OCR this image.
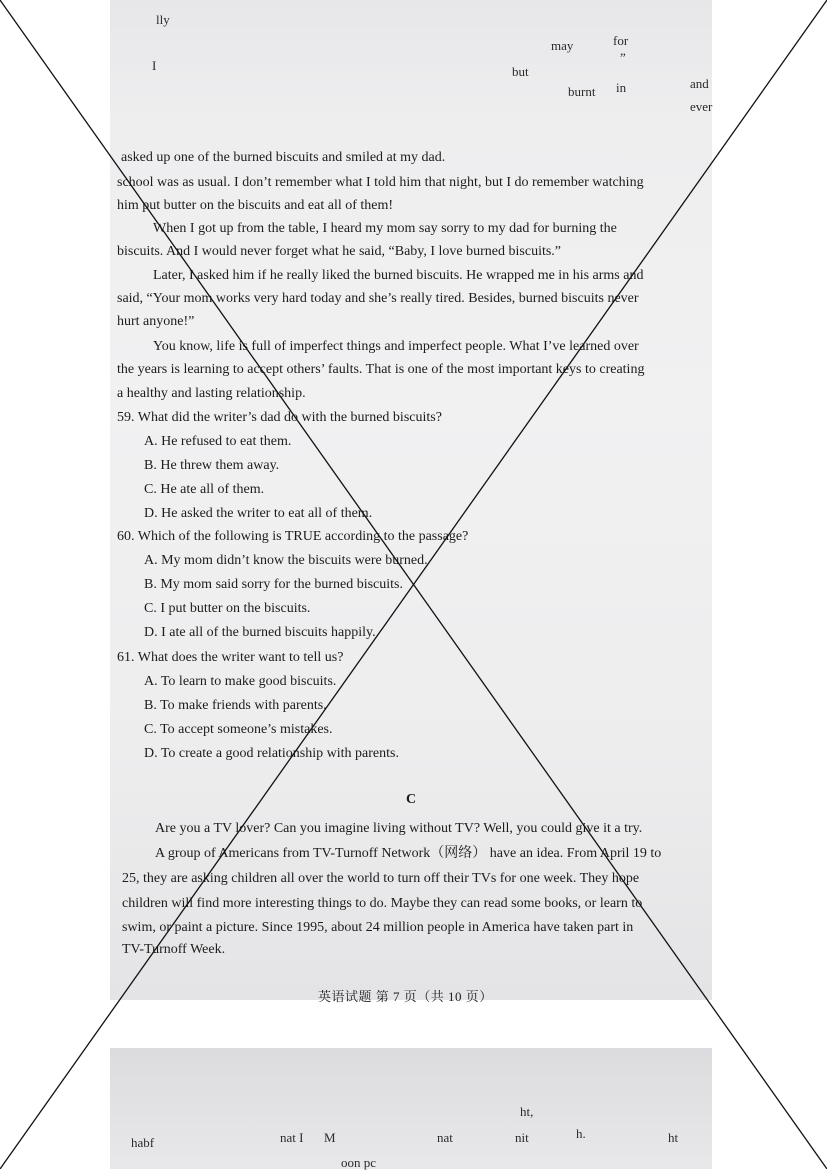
lly
may	for
”
I	but
burnt in	and
ever
asked up one of the burned biscuits and smiled at my dad.
school was as usual. I don’t remember what I told him that night, but I do remember watching
him put butter on the biscuits and eat all of them!
When I got up from the table, I heard my mom say sorry to my dad for burning the
biscuits. And I would never forget what he said, “Baby, I love burned biscuits.”
Later, I asked him if he really liked the burned biscuits. He wrapped me in his arms and
said, “Your mom works very hard today and she’s really tired. Besides, burned biscuits never
hurt anyone!”
You know, life is full of imperfect things and imperfect people. What I’ve learned over
the years is learning to accept others’ faults. That is one of the most important keys to creating
a healthy and lasting relationship.
59. What did the writer’s dad do with the burned biscuits?
A. He refused to eat them.
B. He threw them away.
C. He ate all of them.
D. He asked the writer to eat all of them.
60. Which of the following is TRUE according to the passage?
A. My mom didn’t know the biscuits were burned.
B. My mom said sorry for the burned biscuits.
C. I put butter on the biscuits.
D. I ate all of the burned biscuits happily.
61. What does the writer want to tell us?
A. To learn to make good biscuits.
B. To make friends with parents.
C. To accept someone’s mistakes.
D. To create a good relationship with parents.
C
Are you a TV lover? Can you imagine living without TV? Well, you could give it a try.
A group of Americans from TV-Turnoff Network（网络） have an idea. From April 19 to
25, they are asking children all over the world to turn off their TVs for one week. They hope
children will find more interesting things to do. Maybe they can read some books, or learn to
swim, or paint a picture. Since 1995, about 24 million people in America have taken part in
TV-Turnoff Week.
英语试题 第 7 页（共 10 页）
ht,
habf	nat I M	nat	nit	h.	ht
oon pc
